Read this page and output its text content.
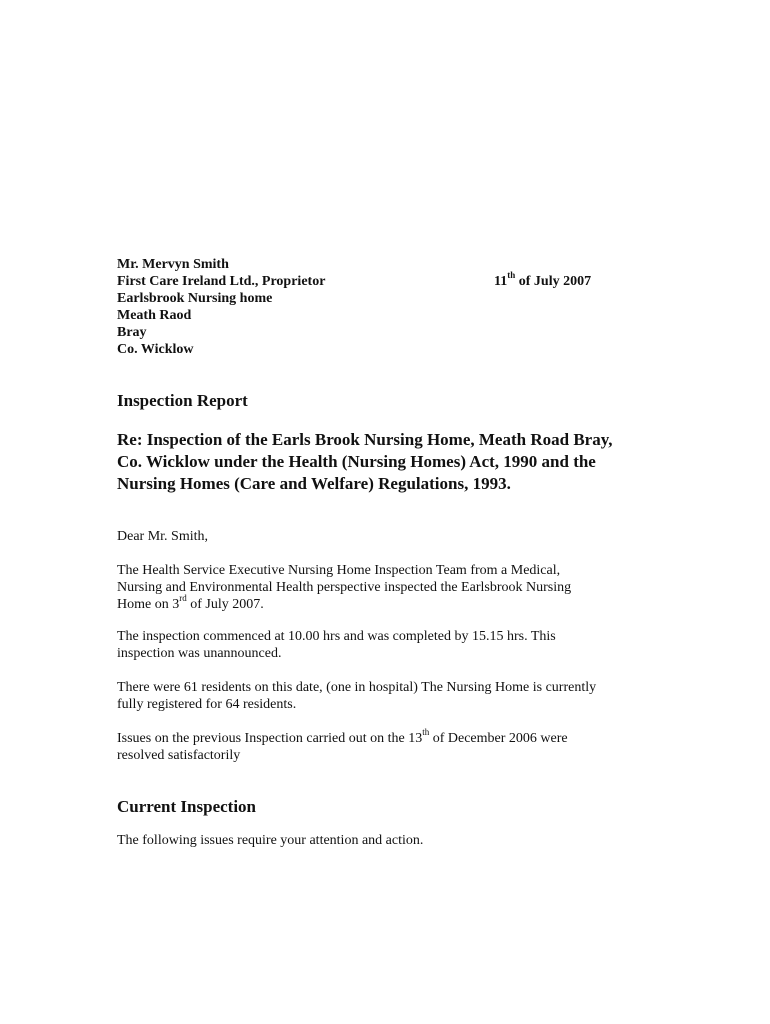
Mr. Mervyn Smith
First Care Ireland Ltd., Proprietor
Earlsbrook Nursing home
Meath Raod
Bray
Co. Wicklow
11th of July 2007
Inspection Report
Re: Inspection of the Earls Brook Nursing Home, Meath Road Bray,
Co. Wicklow under the Health (Nursing Homes) Act, 1990 and the
Nursing Homes (Care and Welfare) Regulations, 1993.
Dear Mr. Smith,
The Health Service Executive Nursing Home Inspection Team from a Medical,
Nursing and Environmental Health perspective inspected the Earlsbrook Nursing
Home on 3rd of July 2007.
The inspection commenced at 10.00 hrs and was completed by 15.15 hrs. This
inspection was unannounced.
There were 61 residents on this date, (one in hospital) The Nursing Home is currently
fully registered for 64 residents.
Issues on the previous Inspection carried out on the 13th of December 2006 were
resolved satisfactorily
Current Inspection
The following issues require your attention and action.
